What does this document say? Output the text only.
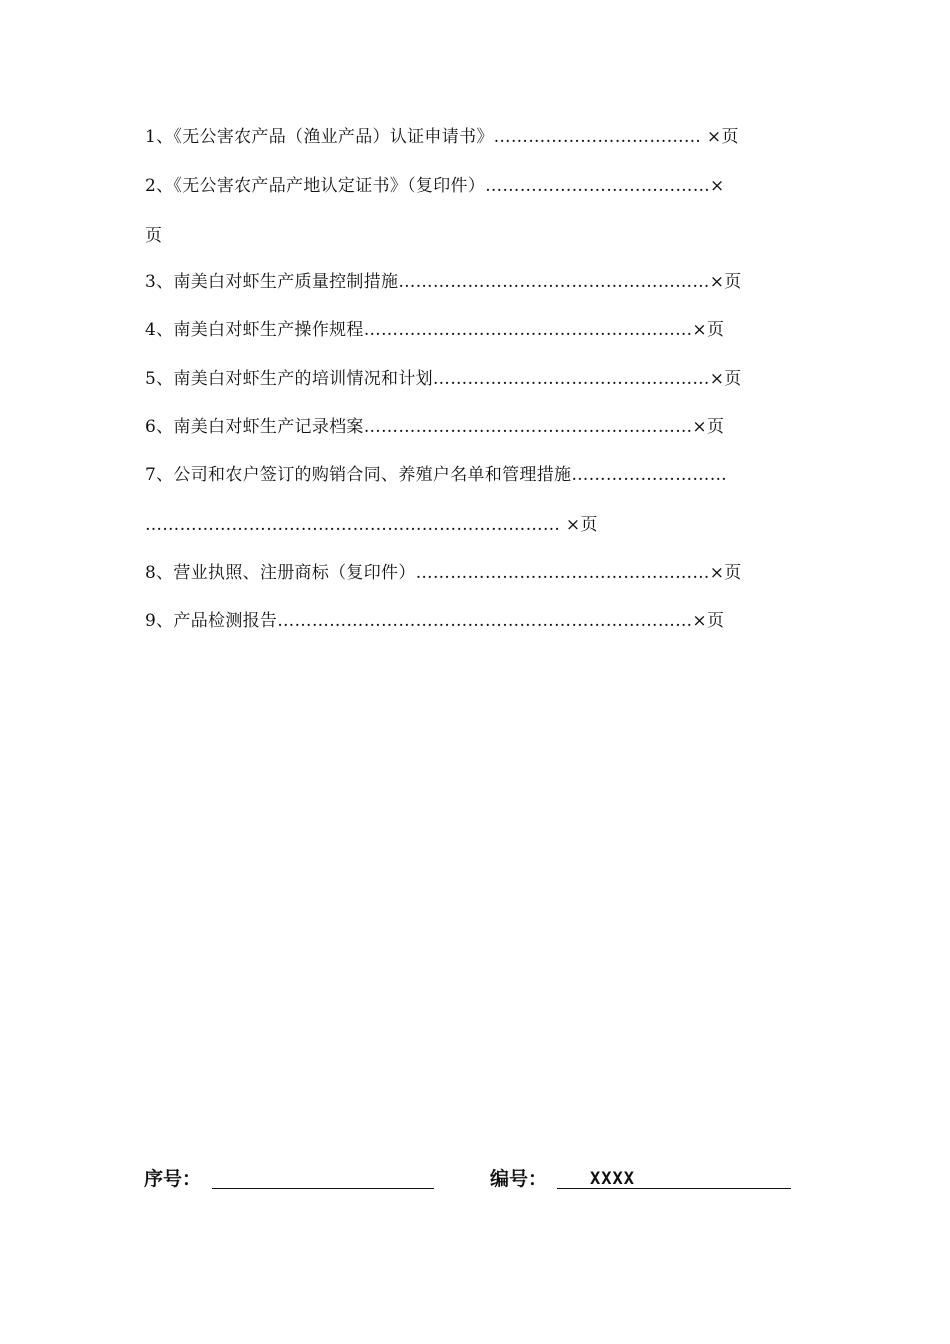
1、《无公害农产品（渔业产品）认证申请书》……………………………… ×页
2、《无公害农产品产地认定证书》（复印件）…………………………………×
页
3、南美白对虾生产质量控制措施………………………………………………×页
4、南美白对虾生产操作规程…………………………………………………×页
5、南美白对虾生产的培训情况和计划…………………………………………×页
6、南美白对虾生产记录档案…………………………………………………×页
7、公司和农户签订的购销合同、养殖户名单和管理措施………………………
……………………………………………………………… ×页
8、营业执照、注册商标（复印件）……………………………………………×页
9、产品检测报告………………………………………………………………×页
序号：	编号：	XXXX
